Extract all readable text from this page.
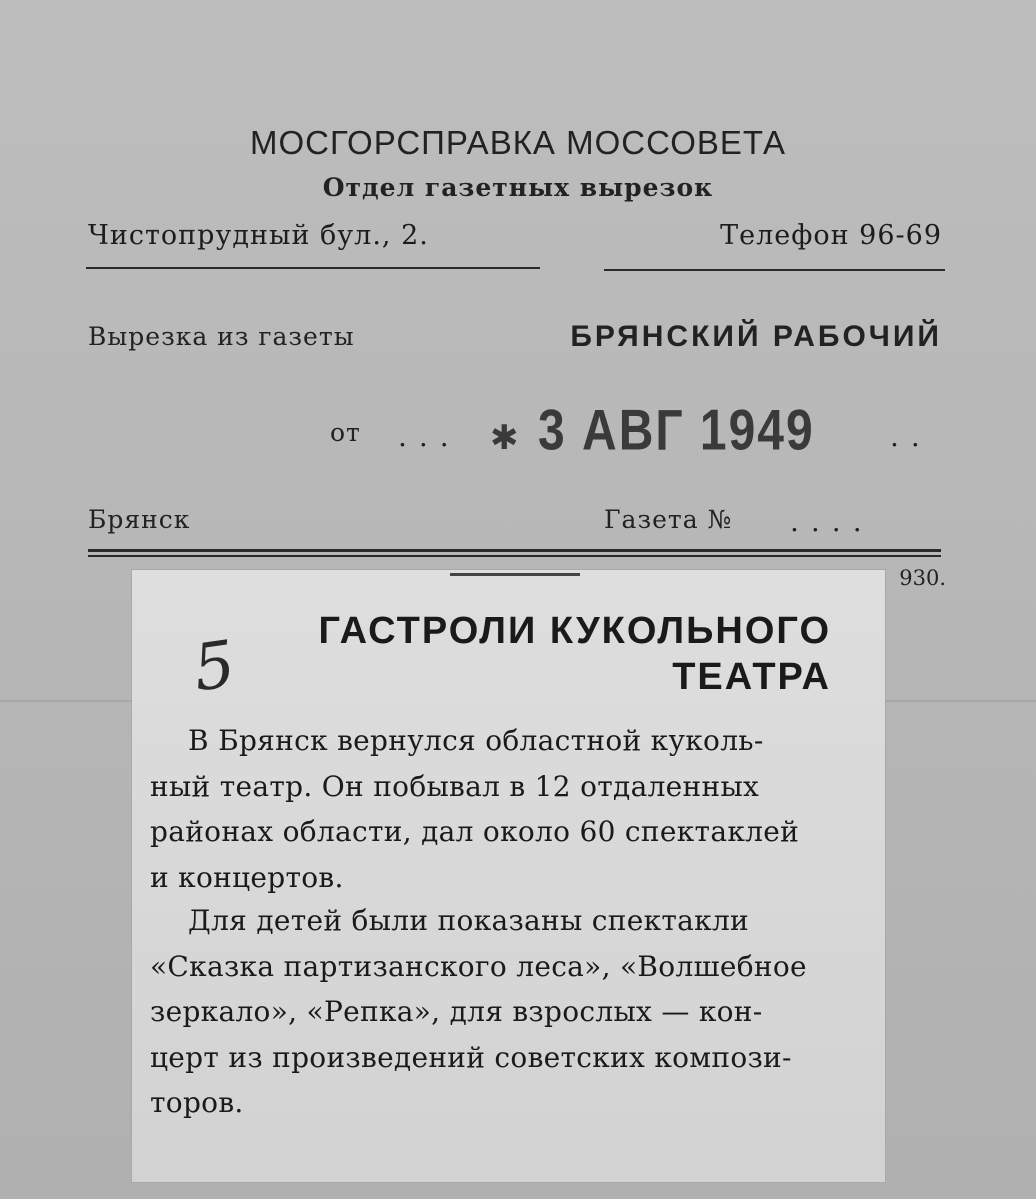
МОСГОРСПРАВКА МОССОВЕТА
Отдел газетных вырезок
Чистопрудный бул., 2.	Телефон 96-69
Вырезка из газеты	БРЯНСКИЙ РАБОЧИЙ
от ... ✱ 3 АВГ 1949	..
Брянск	Газета № ....
930.
ГАСТРОЛИ КУКОЛЬНОГО
ТЕАТРА
5
В Брянск вернулся областной куколь-
ный театр. Он побывал в 12 отдаленных
районах области, дал около 60 спектаклей
и концертов.
Для детей были показаны спектакли
«Сказка партизанского леса», «Волшебное
зеркало», «Репка», для взрослых — кон-
церт из произведений советских компози-
торов.
